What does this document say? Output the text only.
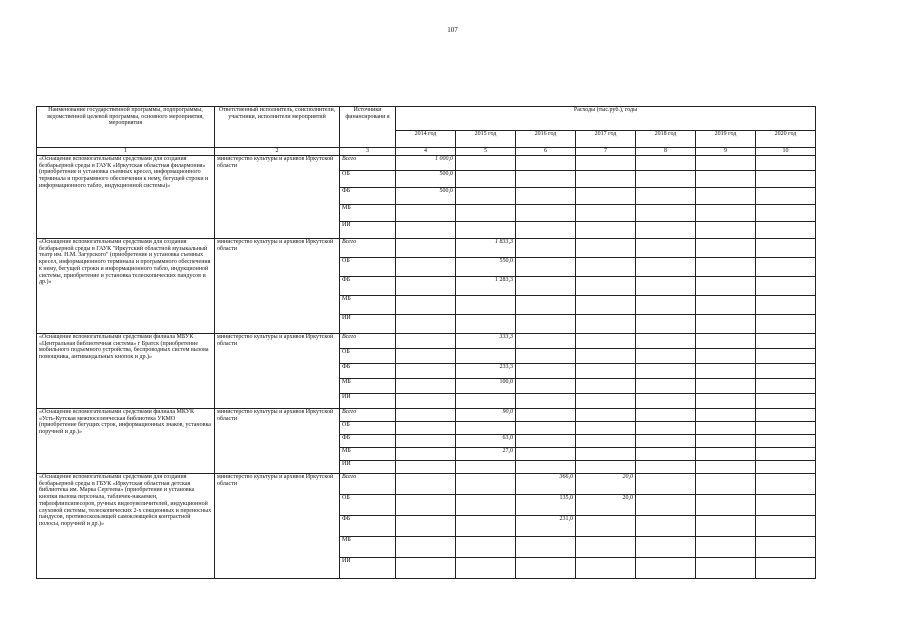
107
Наименование государственной программы, подпрограммы, ведомственной целевой программы, основного мероприятия, мероприятия	Ответственный исполнитель, соисполнители, участники, исполнители мероприятий	Источники финансировани я	Расходы (тыс.руб.), годы						
			2014 год	2015 год	2016 год	2017 год	2018 год	2019 год	2020 год
1	2	3	4	5	6	7	8	9	10
«Оснащение вспомогательными средствами для создания безбарьерной среды в ГАУК «Иркутская областная филармония» (приобретение и установка съемных кресел, информационного терминала и программного обеспечения к нему, бегущей строки и информационного табло, индукционной системы)»	министерство культуры и архивов Иркутской области	Всего	1 000,0						
		ОБ	500,0						
		ФБ	500,0						
		МБ							
		ИИ							
«Оснащение вспомогательными средствами для создания безбарьерной среды в ГАУК "Иркутский областной музыкальный театр им. Н.М. Загурского" (приобретение и установка съемных кресел, информационного терминала и программного обеспечения к нему, бегущей строки и информационного табло, индукционной системы, приобретение и установка телескопических пандусов и др.)»	министерство культуры и архивов Иркутской области	Всего		1 833,3					
		ОБ		550,0					
		ФБ		1 283,3					
		МБ							
		ИИ							
«Оснащение вспомогательными средствами филиала МБУК «Центральная библиотечная система» г Братск (приобретение мобильного подъемного устройства, беспроводных систем вызова помощника, антивандальных кнопок и др.)»	министерство культуры и архивов Иркутской области	Всего		333,3					
		ОБ							
		ФБ		233,3					
		МБ		100,0					
		ИИ							
«Оснащение вспомогательными средствами филиала МКУК «Усть-Кутская межпоселенческая библиотека УКМО (приобретение бегущих строк, информационных знаков, установка поручней и др.)»	министерство культуры и архивов Иркутской области	Всего		90,0					
		ОБ							
		ФБ		63,0					
		МБ		27,0					
		ИИ							
«Оснащение вспомогательными средствами для создания безбарьерной среды в ГБУК «Иркутская областная детская библиотека им. Марка Сергеева» (приобретение и установка кнопки вызова персонала, табличек-накаемен, тифлофлипсипесоров, ручных видеоувеличителей, индукционной слуховой системы, телескопических 2-х секционных и переносных пандусов, противоскользящей самоклеящейся контрастной полосы, поручней и др.)»	министерство культуры и архивов Иркутской области	Всего			366,0	20,0			
		ОБ			135,0	20,0			
		ФБ			231,0				
		МБ							
		ИИ							
